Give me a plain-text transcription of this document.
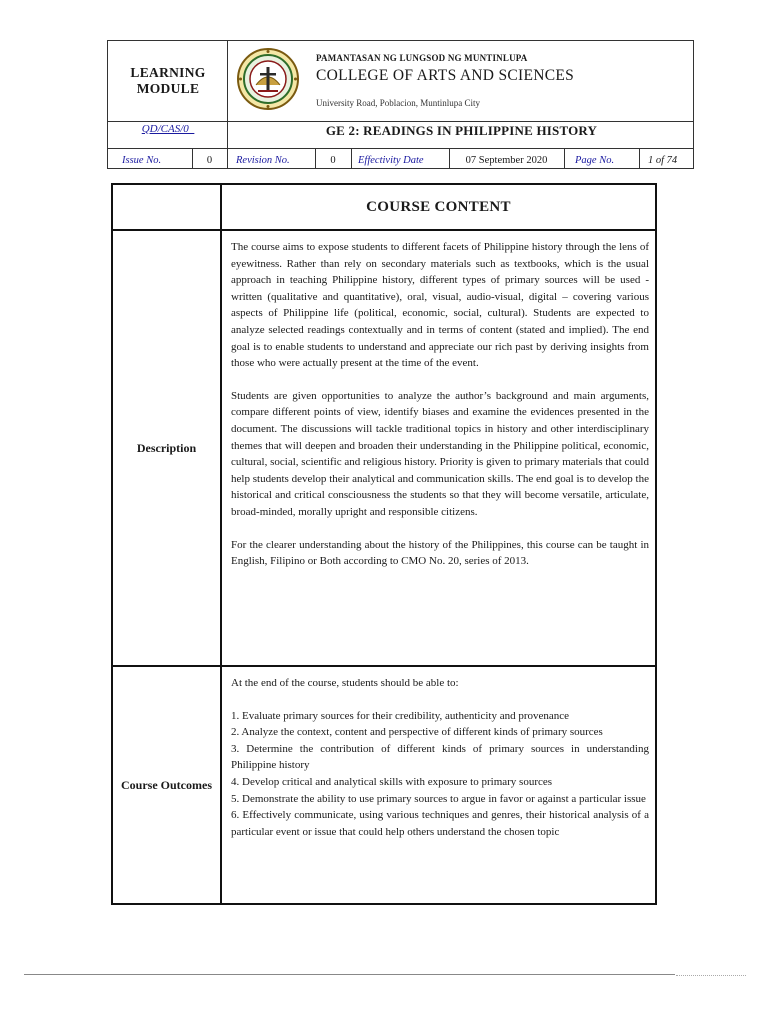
LEARNING MODULE
PAMANTASAN NG LUNGSOD NG MUNTINLUPA
COLLEGE OF ARTS AND SCIENCES
University Road, Poblacion, Muntinlupa City
QD/CAS/0_	GE 2: READINGS IN PHILIPPINE HISTORY
Issue No.	0	Revision No.	0	Effectivity Date	07 September 2020	Page No.	1 of 74
COURSE CONTENT
Description

The course aims to expose students to different facets of Philippine history through the lens of eyewitness. Rather than rely on secondary materials such as textbooks, which is the usual approach in teaching Philippine history, different types of primary sources will be used - written (qualitative and quantitative), oral, visual, audio-visual, digital – covering various aspects of Philippine life (political, economic, social, cultural). Students are expected to analyze selected readings contextually and in terms of content (stated and implied). The end goal is to enable students to understand and appreciate our rich past by deriving insights from those who were actually present at the time of the event.

Students are given opportunities to analyze the author’s background and main arguments, compare different points of view, identify biases and examine the evidences presented in the document. The discussions will tackle traditional topics in history and other interdisciplinary themes that will deepen and broaden their understanding in the Philippine political, economic, cultural, social, scientific and religious history. Priority is given to primary materials that could help students develop their analytical and communication skills. The end goal is to develop the historical and critical consciousness the students so that they will become versatile, articulate, broad-minded, morally upright and responsible citizens.

For the clearer understanding about the history of the Philippines, this course can be taught in English, Filipino or Both according to CMO No. 20, series of 2013.

Course Outcomes

At the end of the course, students should be able to:

1. Evaluate primary sources for their credibility, authenticity and provenance

2. Analyze the context, content and perspective of different kinds of primary sources

3. Determine the contribution of different kinds of primary sources in understanding Philippine history

4. Develop critical and analytical skills with exposure to primary sources

5. Demonstrate the ability to use primary sources to argue in favor or against a particular issue

6. Effectively communicate, using various techniques and genres, their historical analysis of a particular event or issue that could help others understand the chosen topic
